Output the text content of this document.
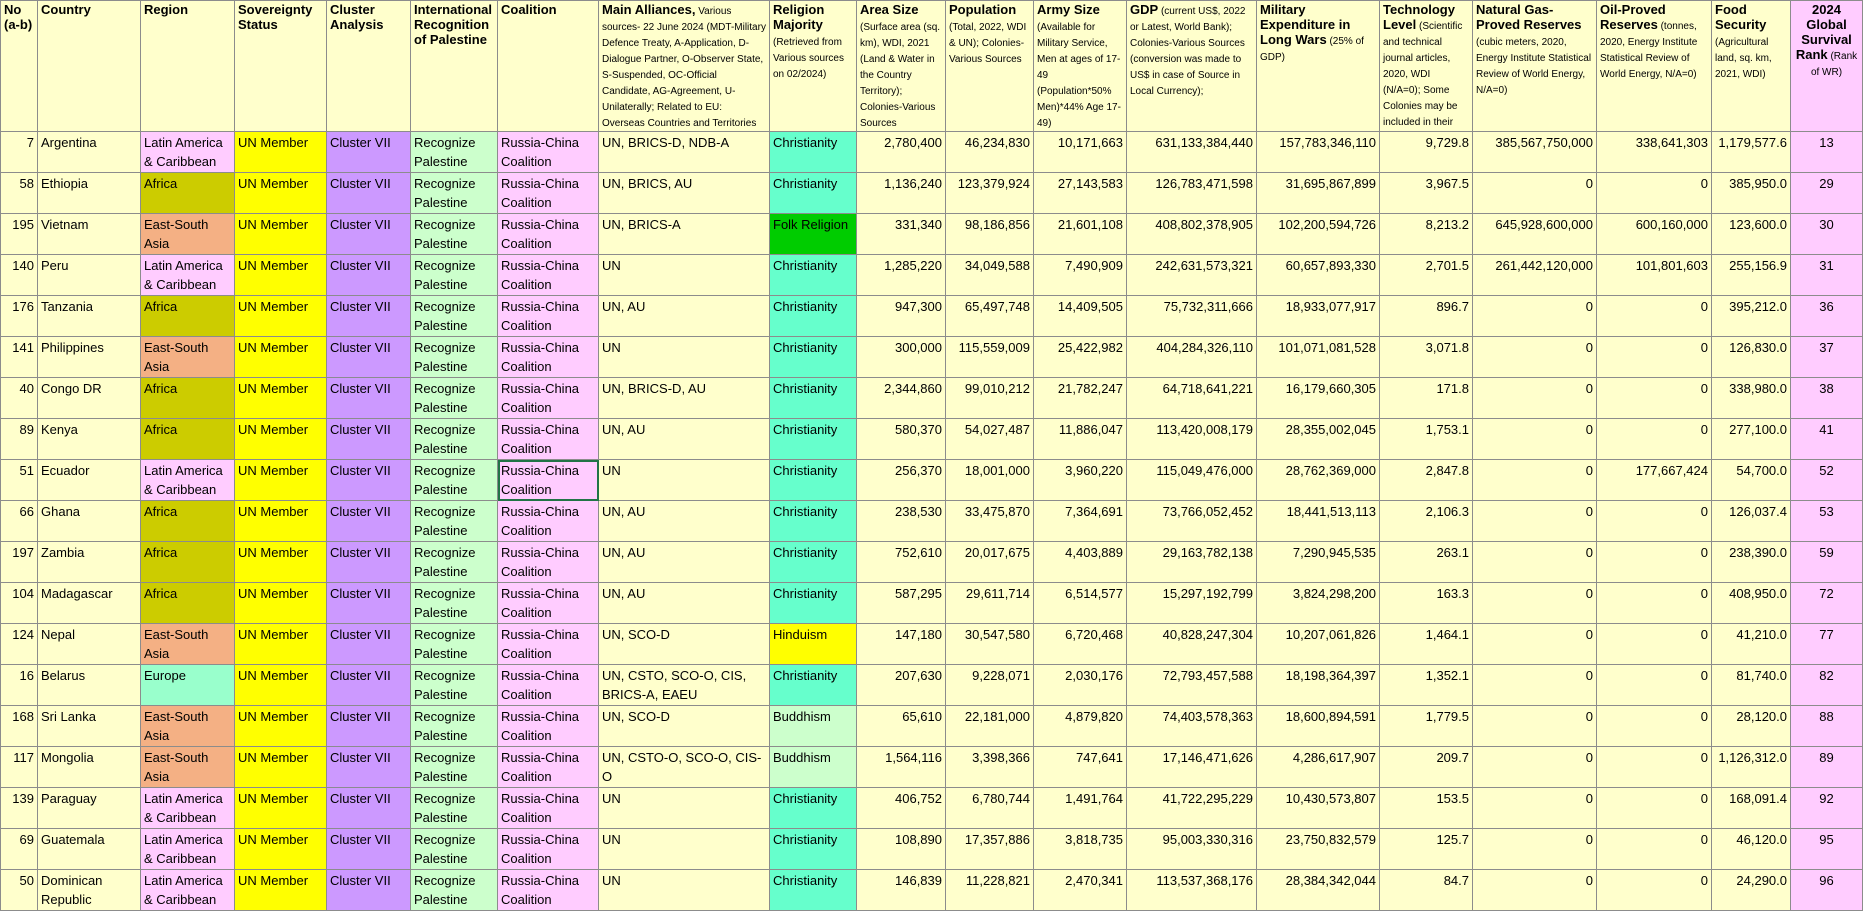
No (a-b)	Country	Region	Sovereignty Status	Cluster Analysis	International Recognition of Palestine	Coalition	Main Alliances, Various sources- 22 June 2024 (MDT-Military Defence Treaty, A-Application, D-Dialogue Partner, O-Observer State, S-Suspended, OC-Official Candidate, AG-Agreement, U-Unilaterally; Related to EU: Overseas Countries and Territories	Religion Majority (Retrieved from Various sources on 02/2024)	Area Size (Surface area (sq. km), WDI, 2021 (Land & Water in the Country Territory); Colonies-Various Sources	Population (Total, 2022, WDI & UN); Colonies-Various Sources	Army Size (Available for Military Service, Men at ages of 17-49 (Population*50% Men)*44% Age 17-49)	GDP (current US$, 2022 or Latest, World Bank); Colonies-Various Sources (conversion was made to US$ in case of Source in Local Currency);	Military Expenditure in Long Wars (25% of GDP)	Technology Level (Scientific and technical journal articles, 2020, WDI (N/A=0); Some Colonies may be included in their	Natural Gas-Proved Reserves (cubic meters, 2020, Energy Institute Statistical Review of World Energy, N/A=0)	Oil-Proved Reserves (tonnes, 2020, Energy Institute Statistical Review of World Energy, N/A=0)	Food Security (Agricultural land, sq. km, 2021, WDI)	2024 Global Survival Rank (Rank of WR)
7	Argentina	Latin America & Caribbean	UN Member	Cluster VII	Recognize Palestine	Russia-China Coalition	UN, BRICS-D, NDB-A	Christianity	2,780,400	46,234,830	10,171,663	631,133,384,440	157,783,346,110	9,729.8	385,567,750,000	338,641,303	1,179,577.6	13
58	Ethiopia	Africa	UN Member	Cluster VII	Recognize Palestine	Russia-China Coalition	UN, BRICS, AU	Christianity	1,136,240	123,379,924	27,143,583	126,783,471,598	31,695,867,899	3,967.5	0	0	385,950.0	29
195	Vietnam	East-South Asia	UN Member	Cluster VII	Recognize Palestine	Russia-China Coalition	UN, BRICS-A	Folk Religion	331,340	98,186,856	21,601,108	408,802,378,905	102,200,594,726	8,213.2	645,928,600,000	600,160,000	123,600.0	30
140	Peru	Latin America & Caribbean	UN Member	Cluster VII	Recognize Palestine	Russia-China Coalition	UN	Christianity	1,285,220	34,049,588	7,490,909	242,631,573,321	60,657,893,330	2,701.5	261,442,120,000	101,801,603	255,156.9	31
176	Tanzania	Africa	UN Member	Cluster VII	Recognize Palestine	Russia-China Coalition	UN, AU	Christianity	947,300	65,497,748	14,409,505	75,732,311,666	18,933,077,917	896.7	0	0	395,212.0	36
141	Philippines	East-South Asia	UN Member	Cluster VII	Recognize Palestine	Russia-China Coalition	UN	Christianity	300,000	115,559,009	25,422,982	404,284,326,110	101,071,081,528	3,071.8	0	0	126,830.0	37
40	Congo DR	Africa	UN Member	Cluster VII	Recognize Palestine	Russia-China Coalition	UN, BRICS-D, AU	Christianity	2,344,860	99,010,212	21,782,247	64,718,641,221	16,179,660,305	171.8	0	0	338,980.0	38
89	Kenya	Africa	UN Member	Cluster VII	Recognize Palestine	Russia-China Coalition	UN, AU	Christianity	580,370	54,027,487	11,886,047	113,420,008,179	28,355,002,045	1,753.1	0	0	277,100.0	41
51	Ecuador	Latin America & Caribbean	UN Member	Cluster VII	Recognize Palestine	Russia-China Coalition	UN	Christianity	256,370	18,001,000	3,960,220	115,049,476,000	28,762,369,000	2,847.8	0	177,667,424	54,700.0	52
66	Ghana	Africa	UN Member	Cluster VII	Recognize Palestine	Russia-China Coalition	UN, AU	Christianity	238,530	33,475,870	7,364,691	73,766,052,452	18,441,513,113	2,106.3	0	0	126,037.4	53
197	Zambia	Africa	UN Member	Cluster VII	Recognize Palestine	Russia-China Coalition	UN, AU	Christianity	752,610	20,017,675	4,403,889	29,163,782,138	7,290,945,535	263.1	0	0	238,390.0	59
104	Madagascar	Africa	UN Member	Cluster VII	Recognize Palestine	Russia-China Coalition	UN, AU	Christianity	587,295	29,611,714	6,514,577	15,297,192,799	3,824,298,200	163.3	0	0	408,950.0	72
124	Nepal	East-South Asia	UN Member	Cluster VII	Recognize Palestine	Russia-China Coalition	UN, SCO-D	Hinduism	147,180	30,547,580	6,720,468	40,828,247,304	10,207,061,826	1,464.1	0	0	41,210.0	77
16	Belarus	Europe	UN Member	Cluster VII	Recognize Palestine	Russia-China Coalition	UN, CSTO, SCO-O, CIS, BRICS-A, EAEU	Christianity	207,630	9,228,071	2,030,176	72,793,457,588	18,198,364,397	1,352.1	0	0	81,740.0	82
168	Sri Lanka	East-South Asia	UN Member	Cluster VII	Recognize Palestine	Russia-China Coalition	UN, SCO-D	Buddhism	65,610	22,181,000	4,879,820	74,403,578,363	18,600,894,591	1,779.5	0	0	28,120.0	88
117	Mongolia	East-South Asia	UN Member	Cluster VII	Recognize Palestine	Russia-China Coalition	UN, CSTO-O, SCO-O, CIS-O	Buddhism	1,564,116	3,398,366	747,641	17,146,471,626	4,286,617,907	209.7	0	0	1,126,312.0	89
139	Paraguay	Latin America & Caribbean	UN Member	Cluster VII	Recognize Palestine	Russia-China Coalition	UN	Christianity	406,752	6,780,744	1,491,764	41,722,295,229	10,430,573,807	153.5	0	0	168,091.4	92
69	Guatemala	Latin America & Caribbean	UN Member	Cluster VII	Recognize Palestine	Russia-China Coalition	UN	Christianity	108,890	17,357,886	3,818,735	95,003,330,316	23,750,832,579	125.7	0	0	46,120.0	95
50	Dominican Republic	Latin America & Caribbean	UN Member	Cluster VII	Recognize Palestine	Russia-China Coalition	UN	Christianity	146,839	11,228,821	2,470,341	113,537,368,176	28,384,342,044	84.7	0	0	24,290.0	96
